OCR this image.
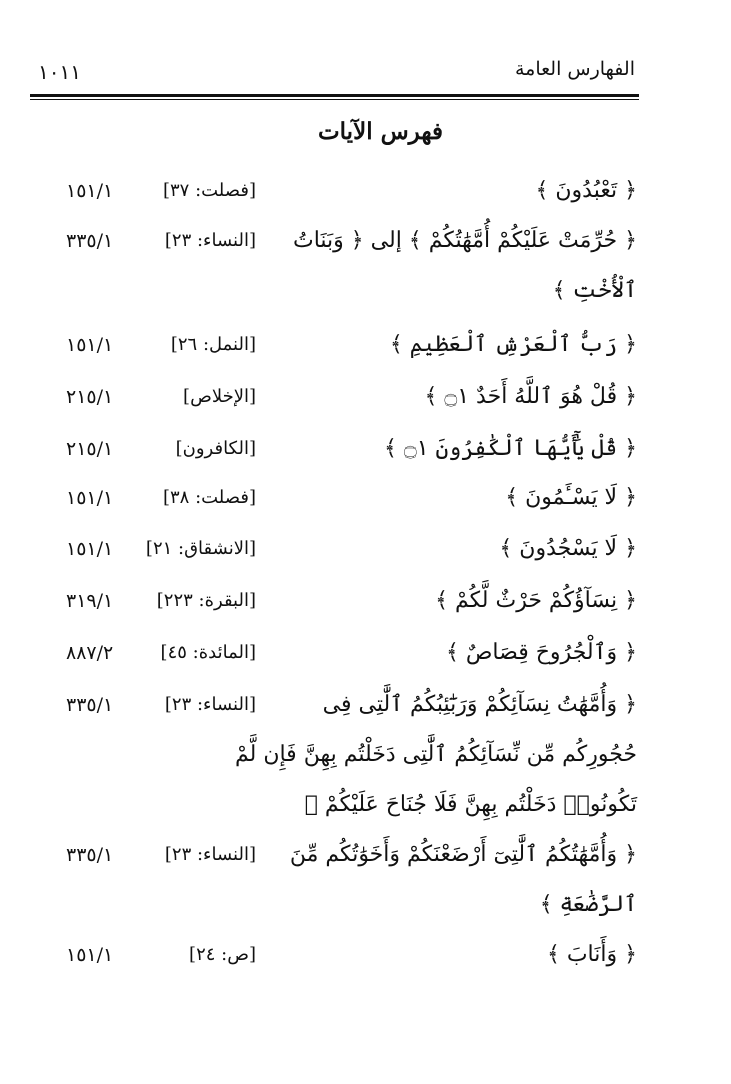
الفهارس العامة
١٠١١
فهرس الآيات
﴿ تَعْبُدُونَ ﴾
[فصلت: ٣٧]
١٥١/١
﴿ حُرِّمَتْ عَلَيْكُمْ أُمَّهَٰتُكُمْ ﴾ إلى ﴿ وَبَنَاتُ
[النساء: ٢٣]
٣٣٥/١
ٱلْأُخْتِ ﴾
﴿ رَبُّ ٱلْعَرْشِ ٱلْعَظِيمِ ﴾
[النمل: ٢٦]
١٥١/١
﴿ قُلْ هُوَ ٱللَّهُ أَحَدٌ ۝١ ﴾
[الإخلاص]
٢١٥/١
﴿ قُلْ يَٰٓأَيُّهَا ٱلْكَٰفِرُونَ ۝١ ﴾
[الكافرون]
٢١٥/١
﴿ لَا يَسْـَٔمُونَ ﴾
[فصلت: ٣٨]
١٥١/١
﴿ لَا يَسْجُدُونَ ﴾
[الانشقاق: ٢١]
١٥١/١
﴿ نِسَآؤُكُمْ حَرْثٌ لَّكُمْ ﴾
[البقرة: ٢٢٣]
٣١٩/١
﴿ وَٱلْجُرُوحَ قِصَاصٌ ﴾
[المائدة: ٤٥]
٨٨٧/٢
﴿ وَأُمَّهَٰتُ نِسَآئِكُمْ وَرَبَٰٓئِبُكُمُ ٱلَّٰتِى فِى
[النساء: ٢٣]
٣٣٥/١
حُجُورِكُم مِّن نِّسَآئِكُمُ ٱلَّٰتِى دَخَلْتُم بِهِنَّ فَإِن لَّمْ
تَكُونُوا۟ دَخَلْتُم بِهِنَّ فَلَا جُنَاحَ عَلَيْكُمْ ﴾
﴿ وَأُمَّهَٰتُكُمُ ٱلَّٰتِىٓ أَرْضَعْنَكُمْ وَأَخَوَٰتُكُم مِّنَ
[النساء: ٢٣]
٣٣٥/١
ٱلرَّضَٰعَةِ ﴾
﴿ وَأَنَابَ ﴾
[ص: ٢٤]
١٥١/١
